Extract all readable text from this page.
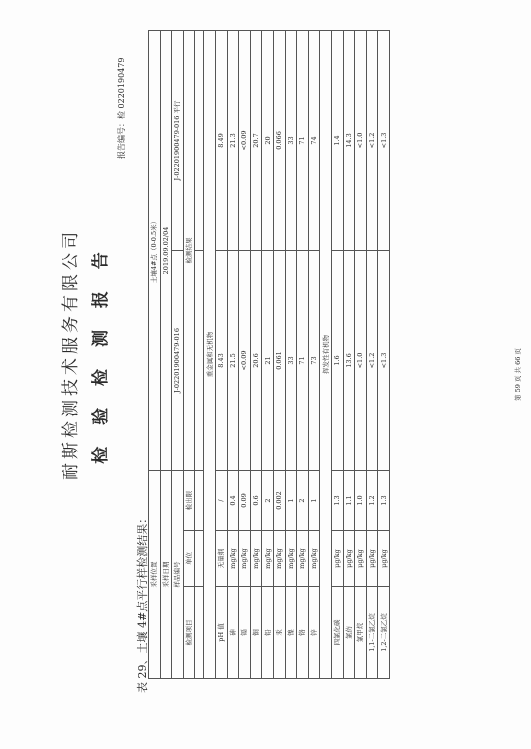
耐斯检测技术服务有限公司 检 验 检 测 报 告
报告编号：检 0220190479
表 29、土壤 4#点平行样检测结果： 采样位置			土壤4#点（0-0.5米）	
采样日期			2019.09.02/04	
样品编号			J-02201900479-016	J-02201900479-016 平行
检测项目	单位	检出限	检测结果	

重金属和无机物				
pH 值	无量纲	/	8.43	8.49
砷	mg/kg	0.4	21.5	21.3
镉	mg/kg	0.09	<0.09	<0.09
铜	mg/kg	0.6	20.6	20.7
铅	mg/kg	2	21	20
汞	mg/kg	0.002	0.061	0.066
镍	mg/kg	1	33	33
铬	mg/kg	2	71	71
锌	mg/kg	1	73	74
挥发性有机物				
四氯化碳	μg/kg	1.3	1.6	1.4
氯仿	μg/kg	1.1	13.6	14.3
氯甲烷	μg/kg	1.0	<1.0	<1.0
1,1-二氯乙烷	μg/kg	1.2	<1.2	<1.2
1,2-二氯乙烷	μg/kg	1.3	<1.3	<1.3
第 59 页 共 66 页
